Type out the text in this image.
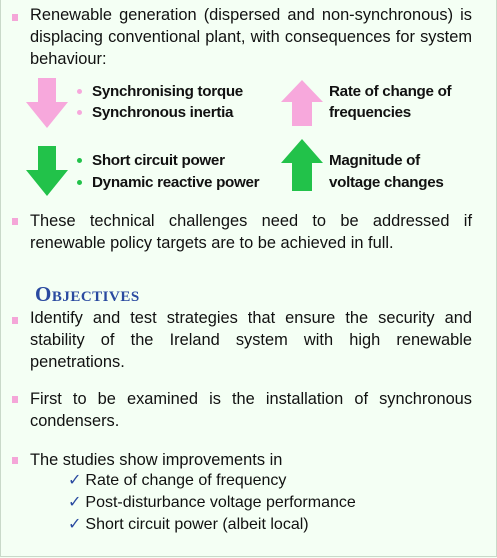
Renewable generation (dispersed and non-synchronous) is displacing conventional plant, with consequences for system behaviour:
Synchronising torque
Synchronous inertia
Rate of change of
frequencies
Short circuit power
Dynamic reactive power
Magnitude of
voltage changes
These technical challenges need to be addressed if renewable policy targets are to be achieved in full.
Objectives
Identify and test strategies that ensure the security and stability of the Ireland system with high renewable penetrations.
First to be examined is the installation of synchronous condensers.
The studies show improvements in
✓ Rate of change of frequency
✓ Post-disturbance voltage performance
✓ Short circuit power (albeit local)
